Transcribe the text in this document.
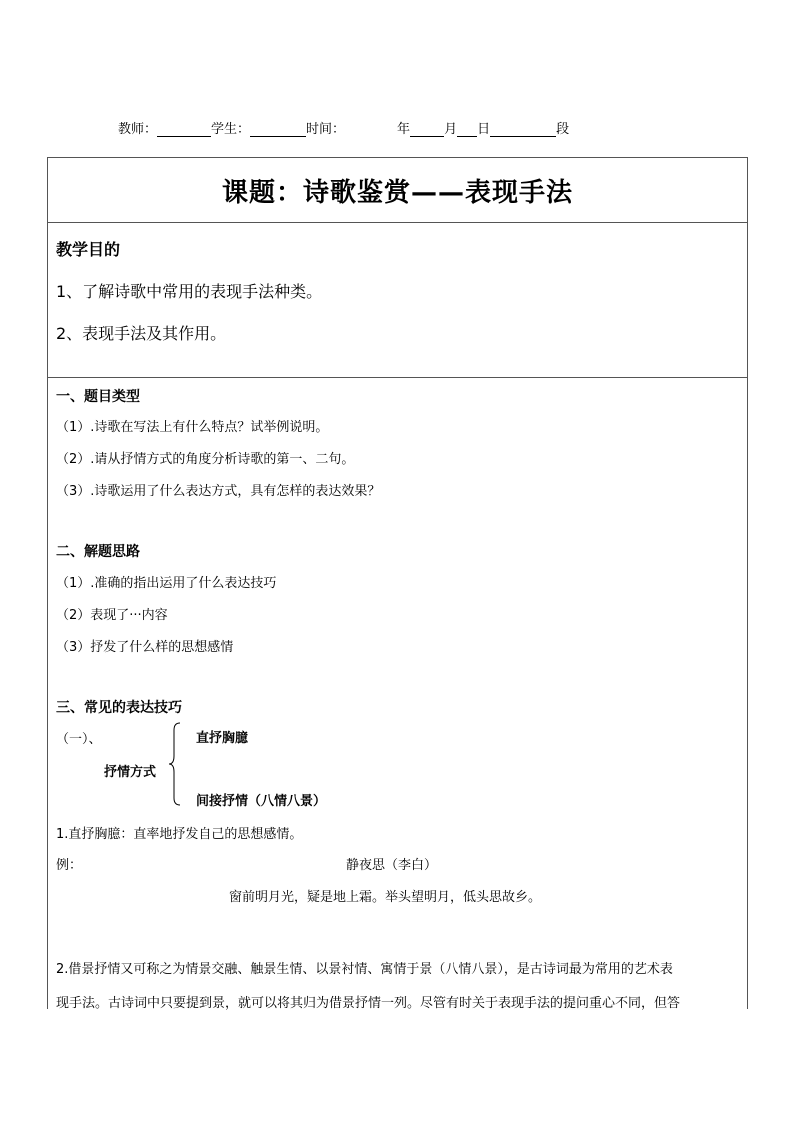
教师：	学生：	时间：	年	月 日	段
课题：诗歌鉴赏——表现手法
教学目的
1、了解诗歌中常用的表现手法种类。
2、表现手法及其作用。
一、题目类型
（1）.诗歌在写法上有什么特点？试举例说明。
（2）.请从抒情方式的角度分析诗歌的第一、二句。
（3）.诗歌运用了什么表达方式，具有怎样的表达效果？
二、解题思路
（1）.准确的指出运用了什么表达技巧
（2）表现了···内容
（3）抒发了什么样的思想感情
三、常见的表达技巧
（一）、
抒情方式
直抒胸臆
间接抒情（八情八景）
1.直抒胸臆：直率地抒发自己的思想感情。
例：	静夜思（李白）
窗前明月光，疑是地上霜。举头望明月，低头思故乡。
2.借景抒情又可称之为情景交融、触景生情、以景衬情、寓情于景（八情八景），是古诗词最为常用的艺术表
现手法。古诗词中只要提到景，就可以将其归为借景抒情一列。尽管有时关于表现手法的提问重心不同，但答
